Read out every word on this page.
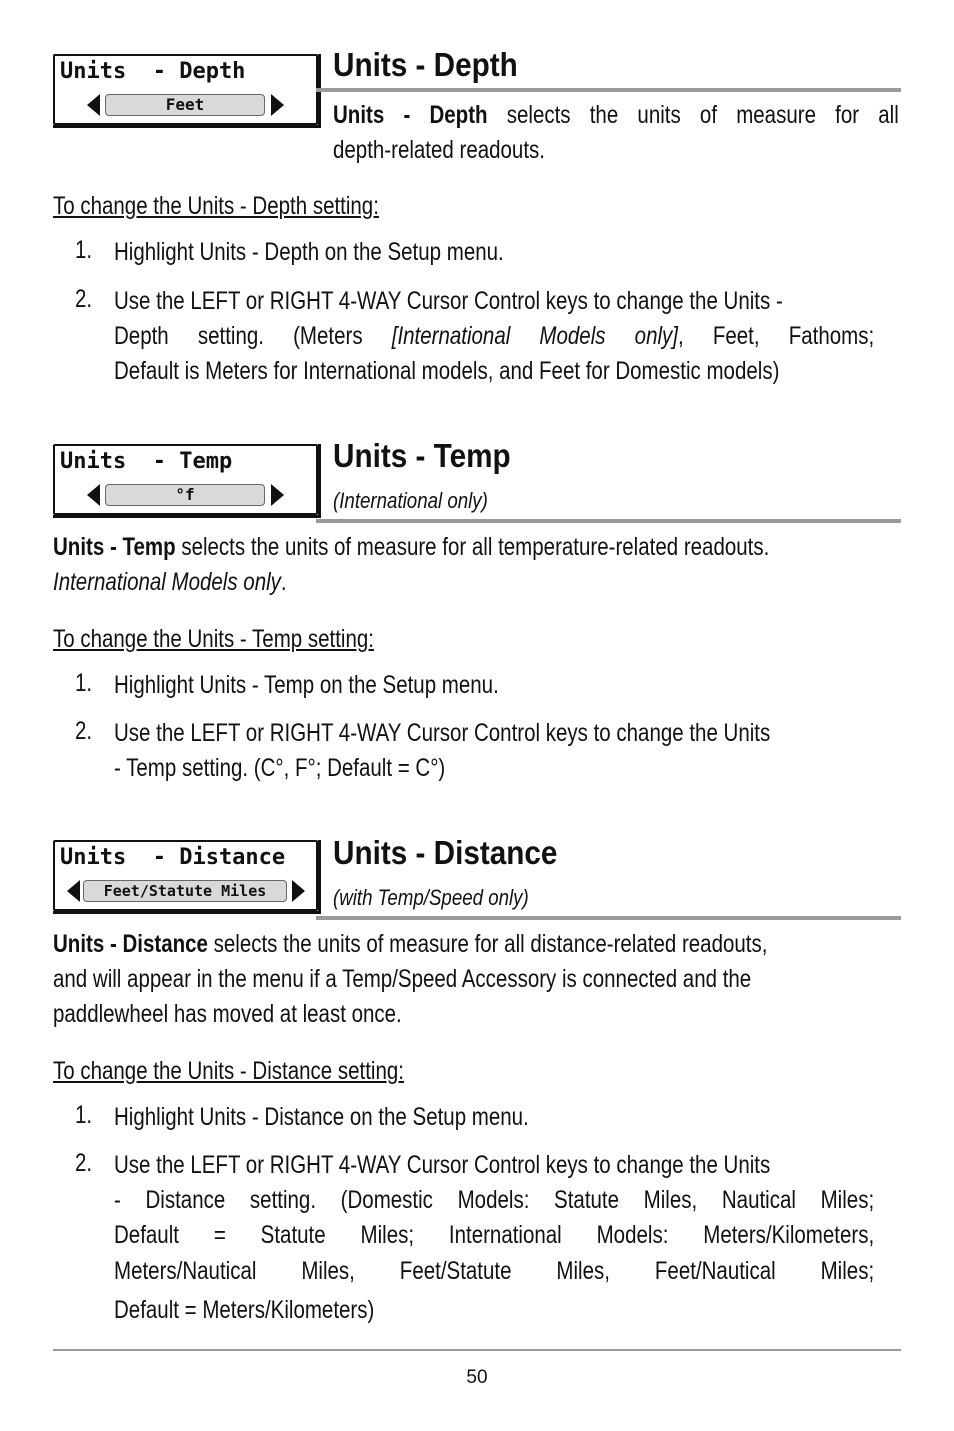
Units  - Depth
Feet
Units - Depth
Units - Depth selects the units of measure for all
depth-related readouts.
To change the Units - Depth setting:
1. Highlight Units - Depth on the Setup menu.
2. Use the LEFT or RIGHT 4-WAY Cursor Control keys to change the Units -
Depth setting. (Meters [International Models only], Feet, Fathoms;
Default is Meters for International models, and Feet for Domestic models)
Units  - Temp
°f
Units - Temp
(International only)
Units - Temp selects the units of measure for all temperature-related readouts.
International Models only.
To change the Units - Temp setting:
1. Highlight Units - Temp on the Setup menu.
2. Use the LEFT or RIGHT 4-WAY Cursor Control keys to change the Units
- Temp setting. (C°, F°; Default = C°)
Units  - Distance
Feet/Statute Miles
Units - Distance
(with Temp/Speed only)
Units - Distance selects the units of measure for all distance-related readouts,
and will appear in the menu if a Temp/Speed Accessory is connected and the
paddlewheel has moved at least once.
To change the Units - Distance setting:
1. Highlight Units - Distance on the Setup menu.
2. Use the LEFT or RIGHT 4-WAY Cursor Control keys to change the Units
- Distance setting. (Domestic Models: Statute Miles, Nautical Miles;
Default = Statute Miles; International Models: Meters/Kilometers,
Meters/Nautical Miles, Feet/Statute Miles, Feet/Nautical Miles;
Default = Meters/Kilometers)
50
